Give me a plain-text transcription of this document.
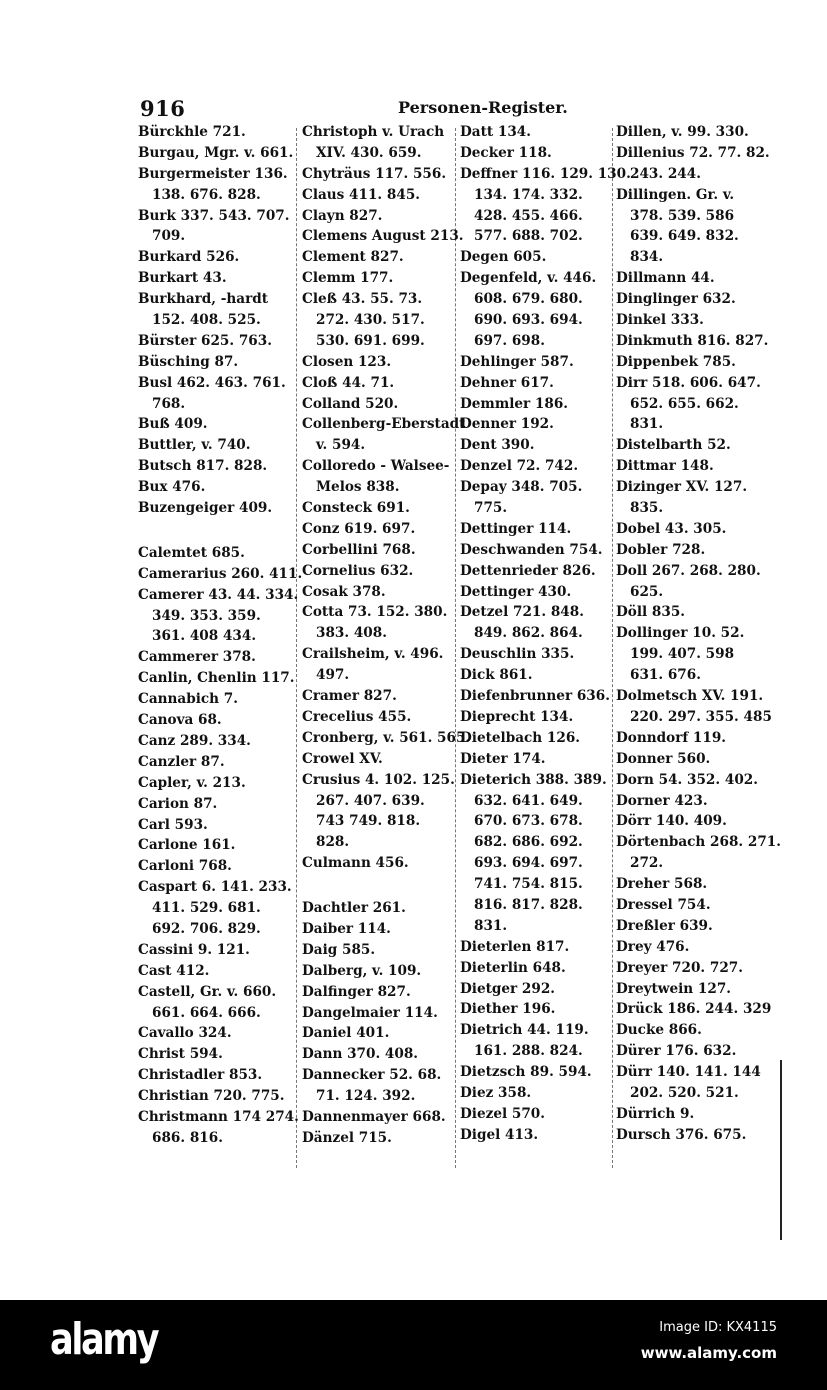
916	Personen-Register.
Bürckhle 721.
Burgau, Mgr. v. 661.
Burgermeister 136.
138. 676. 828.
Burk 337. 543. 707.
709.
Burkard 526.
Burkart 43.
Burkhard, -hardt
152. 408. 525.
Bürster 625. 763.
Büsching 87.
Busl 462. 463. 761.
768.
Buß 409.
Buttler, v. 740.
Butsch 817. 828.
Bux 476.
Buzengeiger 409.
Calemtet 685.
Camerarius 260. 411.
Camerer 43. 44. 334.
349. 353. 359.
361. 408 434.
Cammerer 378.
Canlin, Chenlin 117.
Cannabich 7.
Canova 68.
Canz 289. 334.
Canzler 87.
Capler, v. 213.
Carion 87.
Carl 593.
Carlone 161.
Carloni 768.
Caspart 6. 141. 233.
411. 529. 681.
692. 706. 829.
Cassini 9. 121.
Cast 412.
Castell, Gr. v. 660.
661. 664. 666.
Cavallo 324.
Christ 594.
Christadler 853.
Christian 720. 775.
Christmann 174 274.
686. 816.
Christoph v. Urach
XIV. 430. 659.
Chyträus 117. 556.
Claus 411. 845.
Clayn 827.
Clemens August 213.
Clement 827.
Clemm 177.
Cleß 43. 55. 73.
272. 430. 517.
530. 691. 699.
Closen 123.
Cloß 44. 71.
Colland 520.
Collenberg-Eberstadt
v. 594.
Colloredo - Walsee-
Melos 838.
Consteck 691.
Conz 619. 697.
Corbellini 768.
Cornelius 632.
Cosak 378.
Cotta 73. 152. 380.
383. 408.
Crailsheim, v. 496.
497.
Cramer 827.
Crecelius 455.
Cronberg, v. 561. 565.
Crowel XV.
Crusius 4. 102. 125.
267. 407. 639.
743 749. 818.
828.
Culmann 456.
Dachtler 261.
Daiber 114.
Daig 585.
Dalberg, v. 109.
Dalfinger 827.
Dangelmaier 114.
Daniel 401.
Dann 370. 408.
Dannecker 52. 68.
71. 124. 392.
Dannenmayer 668.
Dänzel 715.
Datt 134.
Decker 118.
Deffner 116. 129. 130.
134. 174. 332.
428. 455. 466.
577. 688. 702.
Degen 605.
Degenfeld, v. 446.
608. 679. 680.
690. 693. 694.
697. 698.
Dehlinger 587.
Dehner 617.
Demmler 186.
Denner 192.
Dent 390.
Denzel 72. 742.
Depay 348. 705.
775.
Dettinger 114.
Deschwanden 754.
Dettenrieder 826.
Dettinger 430.
Detzel 721. 848.
849. 862. 864.
Deuschlin 335.
Dick 861.
Diefenbrunner 636.
Dieprecht 134.
Dietelbach 126.
Dieter 174.
Dieterich 388. 389.
632. 641. 649.
670. 673. 678.
682. 686. 692.
693. 694. 697.
741. 754. 815.
816. 817. 828.
831.
Dieterlen 817.
Dieterlin 648.
Dietger 292.
Diether 196.
Dietrich 44. 119.
161. 288. 824.
Dietzsch 89. 594.
Diez 358.
Diezel 570.
Digel 413.
Dillen, v. 99. 330.
Dillenius 72. 77. 82.
243. 244.
Dillingen. Gr. v.
378. 539. 586
639. 649. 832.
834.
Dillmann 44.
Dinglinger 632.
Dinkel 333.
Dinkmuth 816. 827.
Dippenbek 785.
Dirr 518. 606. 647.
652. 655. 662.
831.
Distelbarth 52.
Dittmar 148.
Dizinger XV. 127.
835.
Dobel 43. 305.
Dobler 728.
Doll 267. 268. 280.
625.
Döll 835.
Dollinger 10. 52.
199. 407. 598
631. 676.
Dolmetsch XV. 191.
220. 297. 355. 485
Donndorf 119.
Donner 560.
Dorn 54. 352. 402.
Dorner 423.
Dörr 140. 409.
Dörtenbach 268. 271.
272.
Dreher 568.
Dressel 754.
Dreßler 639.
Drey 476.
Dreyer 720. 727.
Dreytwein 127.
Drück 186. 244. 329
Ducke 866.
Dürer 176. 632.
Dürr 140. 141. 144
202. 520. 521.
Dürrich 9.
Dursch 376. 675.
alamy	Image ID: KX4115
www.alamy.com
